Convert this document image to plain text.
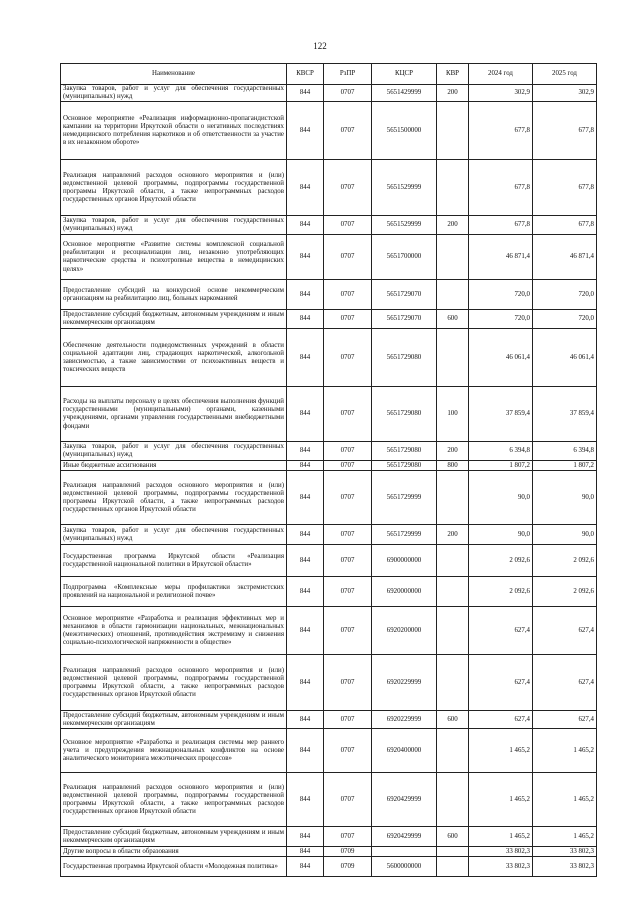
122
Наименование	КВСР	РзПР	КЦСР	КВР	2024 год	2025 год
Закупка товаров, работ и услуг для обеспечения государственных (муниципальных) нужд	844	0707	5651429999	200	302,9	302,9
Основное мероприятие «Реализация информационно-пропагандистской кампании на территории Иркутской области о негативных последствиях немедицинского потребления наркотиков и об ответственности за участие в их незаконном обороте»	844	0707	5651500000		677,8	677,8
Реализация направлений расходов основного мероприятия и (или) ведомственной целевой программы, подпрограммы государственной программы Иркутской области, а также непрограммных расходов государственных органов Иркутской области	844	0707	5651529999		677,8	677,8
Закупка товаров, работ и услуг для обеспечения государственных (муниципальных) нужд	844	0707	5651529999	200	677,8	677,8
Основное мероприятие «Развитие системы комплексной социальной реабилитации и ресоциализации лиц, незаконно употребляющих наркотические средства и психотропные вещества в немедицинских целях»	844	0707	5651700000		46 871,4	46 871,4
Предоставление субсидий на конкурсной основе некоммерческим организациям на реабилитацию лиц, больных наркоманией	844	0707	5651729070		720,0	720,0
Предоставление субсидий бюджетным, автономным учреждениям и иным некоммерческим организациям	844	0707	5651729070	600	720,0	720,0
Обеспечение деятельности подведомственных учреждений в области социальной адаптации лиц, страдающих наркотической, алкогольной зависимостью, а также зависимостями от психоактивных веществ и токсических веществ	844	0707	5651729080		46 061,4	46 061,4
Расходы на выплаты персоналу в целях обеспечения выполнения функций государственными (муниципальными) органами, казенными учреждениями, органами управления государственными внебюджетными фондами	844	0707	5651729080	100	37 859,4	37 859,4
Закупка товаров, работ и услуг для обеспечения государственных (муниципальных) нужд	844	0707	5651729080	200	6 394,8	6 394,8
Иные бюджетные ассигнования	844	0707	5651729080	800	1 807,2	1 807,2
Реализация направлений расходов основного мероприятия и (или) ведомственной целевой программы, подпрограммы государственной программы Иркутской области, а также непрограммных расходов государственных органов Иркутской области	844	0707	5651729999		90,0	90,0
Закупка товаров, работ и услуг для обеспечения государственных (муниципальных) нужд	844	0707	5651729999	200	90,0	90,0
Государственная программа Иркутской области «Реализация государственной национальной политики в Иркутской области»	844	0707	6900000000		2 092,6	2 092,6
Подпрограмма «Комплексные меры профилактики экстремистских проявлений на национальной и религиозной почве»	844	0707	6920000000		2 092,6	2 092,6
Основное мероприятие «Разработка и реализация эффективных мер и механизмов в области гармонизации национальных, межнациональных (межэтнических) отношений, противодействия экстремизму и снижения социально-психологической напряженности в обществе»	844	0707	6920200000		627,4	627,4
Реализация направлений расходов основного мероприятия и (или) ведомственной целевой программы, подпрограммы государственной программы Иркутской области, а также непрограммных расходов государственных органов Иркутской области	844	0707	6920229999		627,4	627,4
Предоставление субсидий бюджетным, автономным учреждениям и иным некоммерческим организациям	844	0707	6920229999	600	627,4	627,4
Основное мероприятие «Разработка и реализация системы мер раннего учета и предупреждения межнациональных конфликтов на основе аналитического мониторинга межэтнических процессов»	844	0707	6920400000		1 465,2	1 465,2
Реализация направлений расходов основного мероприятия и (или) ведомственной целевой программы, подпрограммы государственной программы Иркутской области, а также непрограммных расходов государственных органов Иркутской области	844	0707	6920429999		1 465,2	1 465,2
Предоставление субсидий бюджетным, автономным учреждениям и иным некоммерческим организациям	844	0707	6920429999	600	1 465,2	1 465,2
Другие вопросы в области образования	844	0709			33 802,3	33 802,3
Государственная программа Иркутской области «Молодежная политика»	844	0709	5600000000		33 802,3	33 802,3
